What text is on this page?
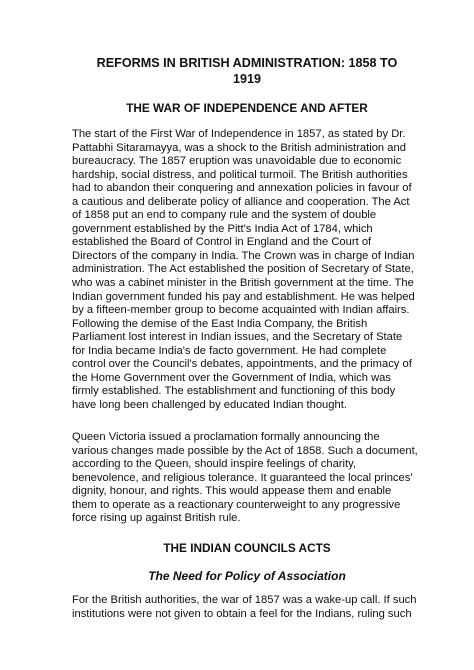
REFORMS IN BRITISH ADMINISTRATION: 1858 TO
1919
THE WAR OF INDEPENDENCE AND AFTER

The start of the First War of Independence in 1857, as stated by Dr.
Pattabhi Sitaramayya, was a shock to the British administration and
bureaucracy. The 1857 eruption was unavoidable due to economic
hardship, social distress, and political turmoil. The British authorities
had to abandon their conquering and annexation policies in favour of
a cautious and deliberate policy of alliance and cooperation. The Act
of 1858 put an end to company rule and the system of double
government established by the Pitt's India Act of 1784, which
established the Board of Control in England and the Court of
Directors of the company in India. The Crown was in charge of Indian
administration. The Act established the position of Secretary of State,
who was a cabinet minister in the British government at the time. The
Indian government funded his pay and establishment. He was helped
by a fifteen-member group to become acquainted with Indian affairs.
Following the demise of the East India Company, the British
Parliament lost interest in Indian issues, and the Secretary of State
for India became India's de facto government. He had complete
control over the Council's debates, appointments, and the primacy of
the Home Government over the Government of India, which was
firmly established. The establishment and functioning of this body
have long been challenged by educated Indian thought.

Queen Victoria issued a proclamation formally announcing the
various changes made possible by the Act of 1858. Such a document,
according to the Queen, should inspire feelings of charity,
benevolence, and religious tolerance. It guaranteed the local princes'
dignity, honour, and rights. This would appease them and enable
them to operate as a reactionary counterweight to any progressive
force rising up against British rule.

THE INDIAN COUNCILS ACTS
The Need for Policy of Association

For the British authorities, the war of 1857 was a wake-up call. If such
institutions were not given to obtain a feel for the Indians, ruling such
